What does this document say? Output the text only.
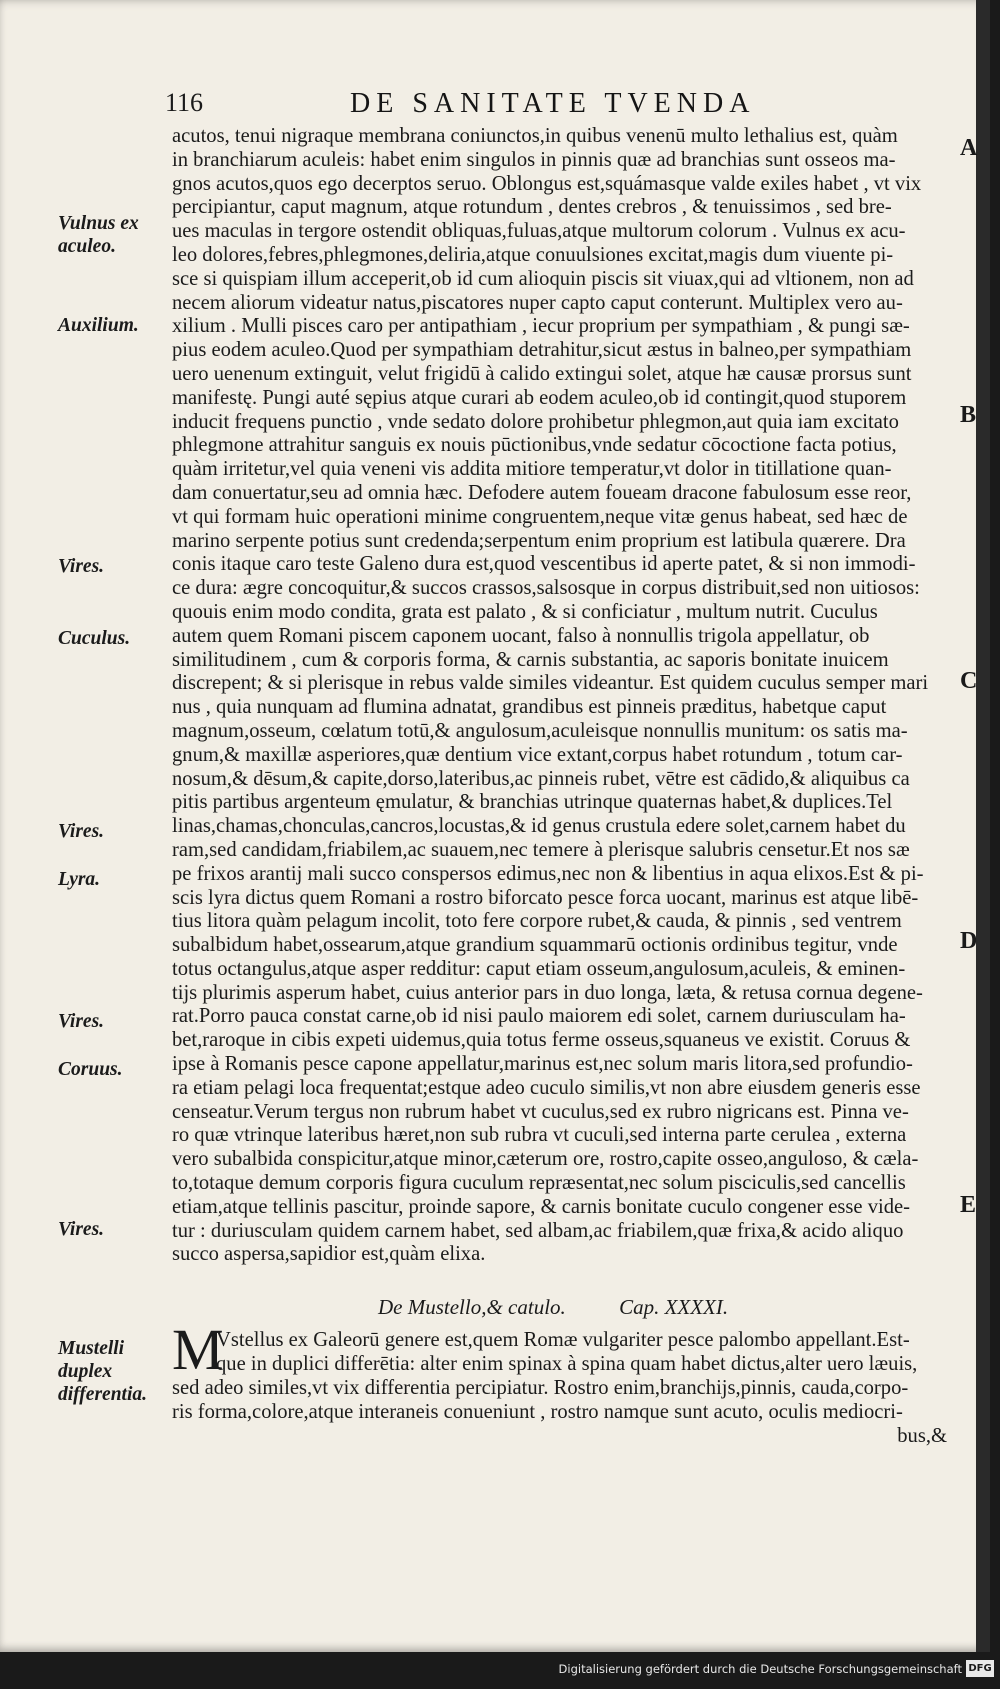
116	DE SANITATE TVENDA
acutos, tenui nigraque membrana coniunctos,in quibus venenū multo lethalius est, quàm
in branchiarum aculeis: habet enim singulos in pinnis quæ ad branchias sunt osseos ma-
gnos acutos,quos ego decerptos seruo. Oblongus est,squámasque valde exiles habet , vt vix
percipiantur, caput magnum, atque rotundum , dentes crebros , & tenuissimos , sed bre-
ues maculas in tergore ostendit obliquas,fuluas,atque multorum colorum . Vulnus ex acu-
leo dolores,febres,phlegmones,deliria,atque conuulsiones excitat,magis dum viuente pi-
sce si quispiam illum acceperit,ob id cum alioquin piscis sit viuax,qui ad vltionem, non ad
necem aliorum videatur natus,piscatores nuper capto caput conterunt. Multiplex vero au-
xilium . Mulli pisces caro per antipathiam , iecur proprium per sympathiam , & pungi sæ-
pius eodem aculeo.Quod per sympathiam detrahitur,sicut æstus in balneo,per sympathiam
uero uenenum extinguit, velut frigidū à calido extingui solet, atque hæ causæ prorsus sunt
manifestę. Pungi auté sępius atque curari ab eodem aculeo,ob id contingit,quod stuporem
inducit frequens punctio , vnde sedato dolore prohibetur phlegmon,aut quia iam excitato
phlegmone attrahitur sanguis ex nouis pūctionibus,vnde sedatur cōcoctione facta potius,
quàm irritetur,vel quia veneni vis addita mitiore temperatur,vt dolor in titillatione quan-
dam conuertatur,seu ad omnia hæc. Defodere autem foueam dracone fabulosum esse reor,
vt qui formam huic operationi minime congruentem,neque vitæ genus habeat, sed hæc de
marino serpente potius sunt credenda;serpentum enim proprium est latibula quærere. Dra
conis itaque caro teste Galeno dura est,quod vescentibus id aperte patet, & si non immodi-
ce dura: ægre concoquitur,& succos crassos,salsosque in corpus distribuit,sed non uitiosos:
quouis enim modo condita, grata est palato , & si conficiatur , multum nutrit. Cuculus
autem quem Romani piscem caponem uocant, falso à nonnullis trigola appellatur, ob
similitudinem , cum & corporis forma, & carnis substantia, ac saporis bonitate inuicem
discrepent; & si plerisque in rebus valde similes videantur. Est quidem cuculus semper mari
nus , quia nunquam ad flumina adnatat, grandibus est pinneis præditus, habetque caput
magnum,osseum, cœlatum totū,& angulosum,aculeisque nonnullis munitum: os satis ma-
gnum,& maxillæ asperiores,quæ dentium vice extant,corpus habet rotundum , totum car-
nosum,& dēsum,& capite,dorso,lateribus,ac pinneis rubet, vētre est cādido,& aliquibus ca
pitis partibus argenteum ęmulatur, & branchias utrinque quaternas habet,& duplices.Tel
linas,chamas,chonculas,cancros,locustas,& id genus crustula edere solet,carnem habet du
ram,sed candidam,friabilem,ac suauem,nec temere à plerisque salubris censetur.Et nos sæ
pe frixos arantij mali succo conspersos edimus,nec non & libentius in aqua elixos.Est & pi-
scis lyra dictus quem Romani a rostro biforcato pesce forca uocant, marinus est atque libē-
tius litora quàm pelagum incolit, toto fere corpore rubet,& cauda, & pinnis , sed ventrem
subalbidum habet,ossearum,atque grandium squammarū octionis ordinibus tegitur, vnde
totus octangulus,atque asper redditur: caput etiam osseum,angulosum,aculeis, & eminen-
tijs plurimis asperum habet, cuius anterior pars in duo longa, læta, & retusa cornua degene-
rat.Porro pauca constat carne,ob id nisi paulo maiorem edi solet, carnem duriusculam ha-
bet,raroque in cibis expeti uidemus,quia totus ferme osseus,squaneus ve existit. Coruus &
ipse à Romanis pesce capone appellatur,marinus est,nec solum maris litora,sed profundio-
ra etiam pelagi loca frequentat;estque adeo cuculo similis,vt non abre eiusdem generis esse
censeatur.Verum tergus non rubrum habet vt cuculus,sed ex rubro nigricans est. Pinna ve-
ro quæ vtrinque lateribus hæret,non sub rubra vt cuculi,sed interna parte cerulea , externa
vero subalbida conspicitur,atque minor,cæterum ore, rostro,capite osseo,anguloso, & cæla-
to,totaque demum corporis figura cuculum repræsentat,nec solum pisciculis,sed cancellis
etiam,atque tellinis pascitur, proinde sapore, & carnis bonitate cuculo congener esse vide-
tur : duriusculam quidem carnem habet, sed albam,ac friabilem,quæ frixa,& acido aliquo
succo aspersa,sapidior est,quàm elixa.
Vulnus ex aculeo.
Auxilium.
Vires.
Cuculus.
Vires.
Lyra.
Vires.
Coruus.
Vires.
Mustelli duplex differentia.
A
B
C
D
E
De Mustello,& catulo.	Cap. XXXXI.
M
Vstellus ex Galeorū genere est,quem Romæ vulgariter pesce palombo appellant.Est-
que in duplici differētia: alter enim spinax à spina quam habet dictus,alter uero læuis,
sed adeo similes,vt vix differentia percipiatur. Rostro enim,branchijs,pinnis, cauda,corpo-
ris forma,colore,atque interaneis conueniunt , rostro namque sunt acuto, oculis mediocri-
bus,&
Digitalisierung gefördert durch die Deutsche Forschungsgemeinschaft DFG
